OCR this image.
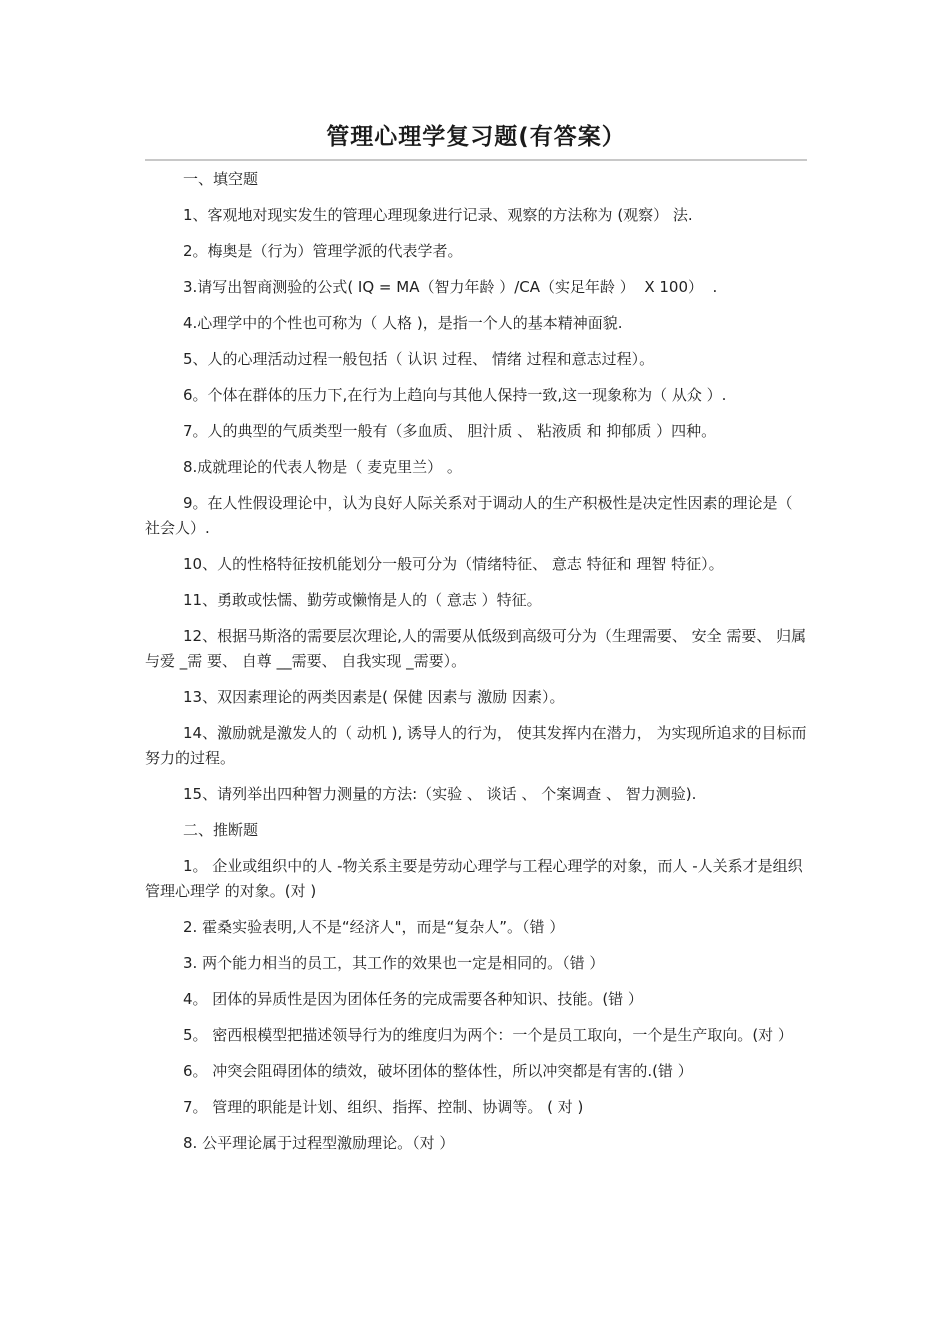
管理心理学复习题(有答案）

一、填空题

1、客观地对现实发生的管理心理现象进行记录、观察的方法称为 (观察） 法.

2。梅奥是（行为）管理学派的代表学者。

3.请写出智商测验的公式( IQ = MA（智力年龄 ）/CA（实足年龄 ）  X 100）  .

4.心理学中的个性也可称为（ 人格 )，是指一个人的基本精神面貌.

5、人的心理活动过程一般包括（ 认识 过程、 情绪 过程和意志过程）。

6。个体在群体的压力下,在行为上趋向与其他人保持一致,这一现象称为（ 从众 ）.

7。人的典型的气质类型一般有（多血质、 胆汁质 、 粘液质 和 抑郁质 ）四种。

8.成就理论的代表人物是（ 麦克里兰） 。

9。在人性假设理论中，认为良好人际关系对于调动人的生产积极性是决定性因素的理论是（ 社会人）.

10、人的性格特征按机能划分一般可分为（情绪特征、 意志 特征和 理智 特征）。

11、勇敢或怯懦、勤劳或懒惰是人的（ 意志 ）特征。

12、根据马斯洛的需要层次理论,人的需要从低级到高级可分为（生理需要、 安全 需要、 归属与爱 _需 要、 自尊 __需要、 自我实现 _需要）。

13、双因素理论的两类因素是( 保健 因素与 激励 因素）。

14、激励就是激发人的（ 动机 ), 诱导人的行为， 使其发挥内在潜力， 为实现所追求的目标而努力的过程。

15、请列举出四种智力测量的方法:（实验 、 谈话 、 个案调查 、 智力测验).

二、推断题

1。 企业或组织中的人 -物关系主要是劳动心理学与工程心理学的对象，而人 -人关系才是组织管理心理学 的对象。(对 )

2. 霍桑实验表明,人不是“经济人"，而是“复杂人”。（错 ）

3. 两个能力相当的员工，其工作的效果也一定是相同的。（错 ）

4。 团体的异质性是因为团体任务的完成需要各种知识、技能。(错 ）

5。 密西根模型把描述领导行为的维度归为两个：一个是员工取向，一个是生产取向。(对 ）

6。 冲突会阻碍团体的绩效，破坏团体的整体性，所以冲突都是有害的.(错 ）

7。 管理的职能是计划、组织、指挥、控制、协调等。 ( 对 )

8. 公平理论属于过程型激励理论。（对 ）
